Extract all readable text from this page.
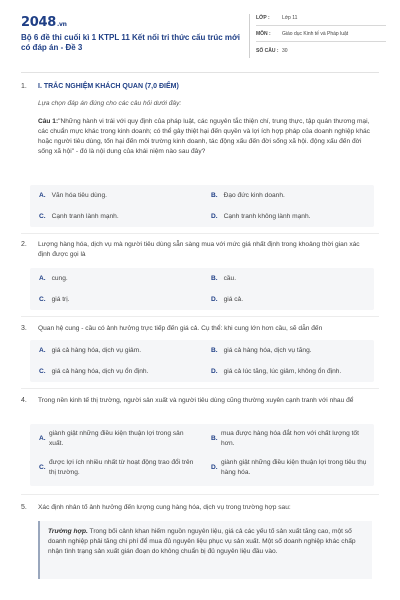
2048.vn
Bộ 6 đề thi cuối kì 1 KTPL 11 Kết nối tri thức cấu trúc mới có đáp án - Đề 3
LỚP :	Lớp 11
MÔN :	Giáo dục Kinh tế và Pháp luật
SỐ CÂU : 30
1. I. TRẮC NGHIỆM KHÁCH QUAN (7,0 ĐIỂM)
Lựa chọn đáp án đúng cho các câu hỏi dưới đây:
Câu 1:"Những hành vi trái với quy định của pháp luật, các nguyên tắc thiện chí, trung thực, tập quán thương mại, các chuẩn mực khác trong kinh doanh; có thể gây thiệt hại đến quyền và lợi ích hợp pháp của doanh nghiệp khác hoặc người tiêu dùng, tốn hại đến môi trường kinh doanh, tác động xấu đến đời sống xã hội. động xấu đến đời sống xã hội" - đó là nội dung của khái niệm nào sau đây?
A. Văn hóa tiêu dùng.	B. Đạo đức kinh doanh.
C. Cạnh tranh lành mạnh.	D. Cạnh tranh không lành mạnh.
2. Lượng hàng hóa, dịch vụ mà người tiêu dùng sẵn sàng mua với mức giá nhất định trong khoảng thời gian xác định được gọi là
A. cung.	B. cầu.
C. giá trị.	D. giá cả.
3. Quan hệ cung - cầu có ảnh hưởng trực tiếp đến giá cả. Cụ thể: khi cung lớn hơn cầu, sẽ dẫn đến
A. giá cả hàng hóa, dịch vụ giảm.	B. giá cả hàng hóa, dịch vụ tăng.
C. giá cả hàng hóa, dịch vụ ổn định.	D. giá cả lúc tăng, lúc giảm, không ổn định.
4. Trong nền kinh tế thị trường, người sản xuất và người tiêu dùng cũng thường xuyên cạnh tranh với nhau để
A.
giành giật những điều kiện thuận lợi trong sản xuất.
B.
mua được hàng hóa đắt hơn với chất lượng tốt hơn.
C.
được lợi ích nhiều nhất từ hoạt động trao đổi trên thị trường.
D.
giành giật những điều kiện thuận lợi trong tiêu thụ hàng hóa.
5. Xác định nhân tố ảnh hưởng đến lượng cung hàng hóa, dịch vụ trong trường hợp sau:
Trường hợp. Trong bối cảnh khan hiếm nguồn nguyên liệu, giá cả các yếu tố sản xuất tăng cao, một số doanh nghiệp phải tăng chi phí để mua đủ nguyên liệu phục vụ sản xuất. Một số doanh nghiệp khác chấp nhận tình trạng sản xuất gián đoạn do không chuẩn bị đủ nguyên liệu đầu vào.
